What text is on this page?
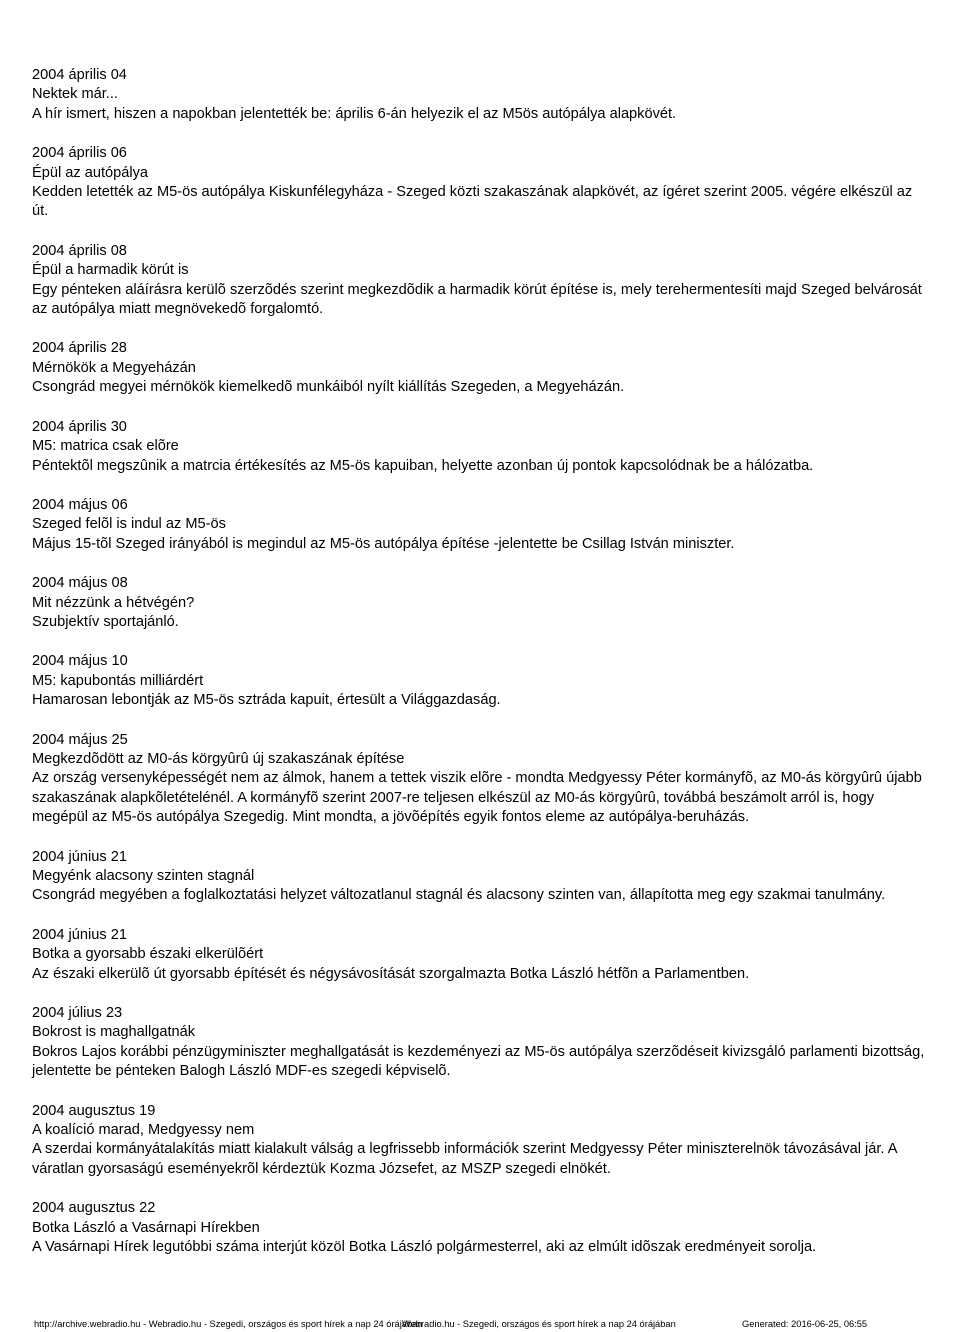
2004 április 04
Nektek már...
A hír ismert, hiszen a napokban jelentették be: április 6-án helyezik el az M5ös autópálya alapkövét.
2004 április 06
Épül az autópálya
Kedden letették az M5-ös autópálya Kiskunfélegyháza - Szeged közti szakaszának alapkövét, az ígéret szerint 2005. végére elkészül az út.
2004 április 08
Épül a harmadik körút is
Egy pénteken aláírásra kerülõ szerzõdés szerint megkezdõdik a harmadik körút építése is, mely terehermentesíti majd Szeged belvárosát az autópálya miatt megnövekedõ forgalomtó.
2004 április 28
Mérnökök a Megyeházán
Csongrád megyei mérnökök kiemelkedõ munkáiból nyílt kiállítás Szegeden, a Megyeházán.
2004 április 30
M5: matrica csak elõre
Péntektõl megszûnik a matrcia értékesítés az M5-ös kapuiban, helyette azonban új pontok kapcsolódnak be a hálózatba.
2004 május 06
Szeged felõl is indul az M5-ös
Május 15-tõl Szeged irányából is megindul az M5-ös autópálya építése -jelentette be Csillag István miniszter.
2004 május 08
Mit nézzünk a hétvégén?
Szubjektív sportajánló.
2004 május 10
M5: kapubontás milliárdért
Hamarosan lebontják az M5-ös sztráda kapuit, értesült a Világgazdaság.
2004 május 25
Megkezdõdött az M0-ás körgyûrû új szakaszának építése
Az ország versenyképességét nem az álmok, hanem a tettek viszik elõre - mondta Medgyessy Péter kormányfõ, az M0-ás körgyûrû újabb szakaszának alapkõletételénél. A kormányfõ szerint 2007-re teljesen elkészül az M0-ás körgyûrû, továbbá beszámolt arról is, hogy megépül az M5-ös autópálya Szegedig. Mint mondta, a jövõépítés egyik fontos eleme az autópálya-beruházás.
2004 június 21
Megyénk alacsony szinten stagnál
Csongrád megyében a foglalkoztatási helyzet változatlanul stagnál és alacsony szinten van, állapította meg egy szakmai tanulmány.
2004 június 21
Botka a gyorsabb északi elkerülõért
Az északi elkerülõ út gyorsabb építését és négysávosítását szorgalmazta Botka László hétfõn a Parlamentben.
2004 július 23
Bokrost is maghallgatnák
Bokros Lajos korábbi pénzügyminiszter meghallgatását is kezdeményezi az M5-ös autópálya szerzõdéseit kivizsgáló parlamenti bizottság, jelentette be pénteken Balogh László MDF-es szegedi képviselõ.
2004 augusztus 19
A koalíció marad, Medgyessy nem
A szerdai kormányátalakítás miatt kialakult válság a legfrissebb információk szerint Medgyessy Péter miniszterelnök távozásával jár. A váratlan gyorsaságú eseményekrõl kérdeztük Kozma Józsefet, az MSZP szegedi elnökét.
2004 augusztus 22
Botka László a Vasárnapi Hírekben
A Vasárnapi Hírek legutóbbi száma interjút közöl Botka László polgármesterrel, aki az elmúlt idõszak eredményeit sorolja.
http://archive.webradio.hu - Webradio.hu - Szegedi, országos és sport hírek a nap 24 órájában
Webradio.hu - Szegedi, országos és sport hírek a nap 24 órájában	Generated: 2016-06-25, 06:55
